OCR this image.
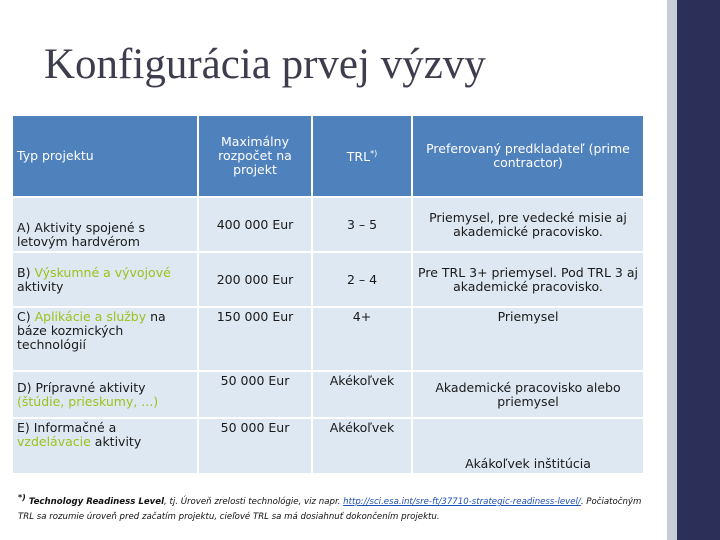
Konfigurácia prvej výzvy
Typ projektu	Maximálny rozpočet na projekt	TRL*)	Preferovaný predkladateľ (prime contractor)
A) Aktivity spojené s letovým hardvérom	400 000 Eur	3 – 5	Priemysel, pre vedecké misie aj akademické pracovisko.
B) Výskumné a vývojové aktivity	200 000 Eur	2 – 4	Pre TRL 3+ priemysel. Pod TRL 3 aj akademické pracovisko.
C) Aplikácie a služby na báze kozmických technológií	150 000 Eur	4+	Priemysel
D) Prípravné aktivity (štúdie, prieskumy, ...)	50 000 Eur	Akékoľvek	Akademické pracovisko alebo priemysel
E) Informačné a vzdelávacie aktivity	50 000 Eur	Akékoľvek	Akákoľvek inštitúcia
*) Technology Readiness Level, tj. Úroveň zrelosti technológie, viz napr. http://sci.esa.int/sre-ft/37710-strategic-readiness-level/. Počiatočným TRL sa rozumie úroveň pred začatím projektu, cieľové TRL sa má dosiahnuť dokončením projektu.
